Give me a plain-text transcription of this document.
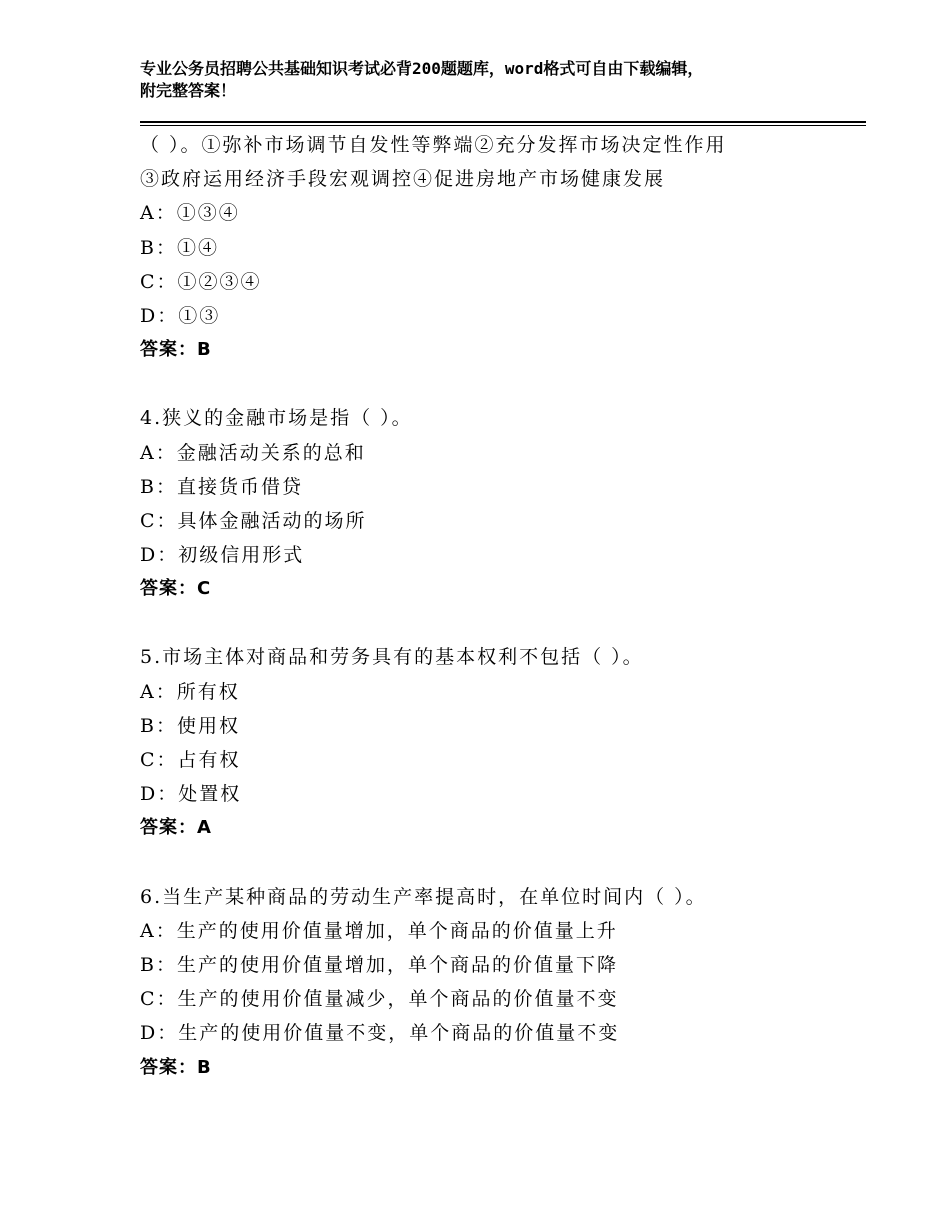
专业公务员招聘公共基础知识考试必背200题题库，word格式可自由下载编辑，
附完整答案！
（ ）。①弥补市场调节自发性等弊端②充分发挥市场决定性作用
③政府运用经济手段宏观调控④促进房地产市场健康发展
A：①③④
B：①④
C：①②③④
D：①③
答案：B
4.狭义的金融市场是指（ ）。
A：金融活动关系的总和
B：直接货币借贷
C：具体金融活动的场所
D：初级信用形式
答案：C
5.市场主体对商品和劳务具有的基本权利不包括（ ）。
A：所有权
B：使用权
C：占有权
D：处置权
答案：A
6.当生产某种商品的劳动生产率提高时，在单位时间内（ ）。
A：生产的使用价值量增加，单个商品的价值量上升
B：生产的使用价值量增加，单个商品的价值量下降
C：生产的使用价值量减少，单个商品的价值量不变
D：生产的使用价值量不变，单个商品的价值量不变
答案：B
